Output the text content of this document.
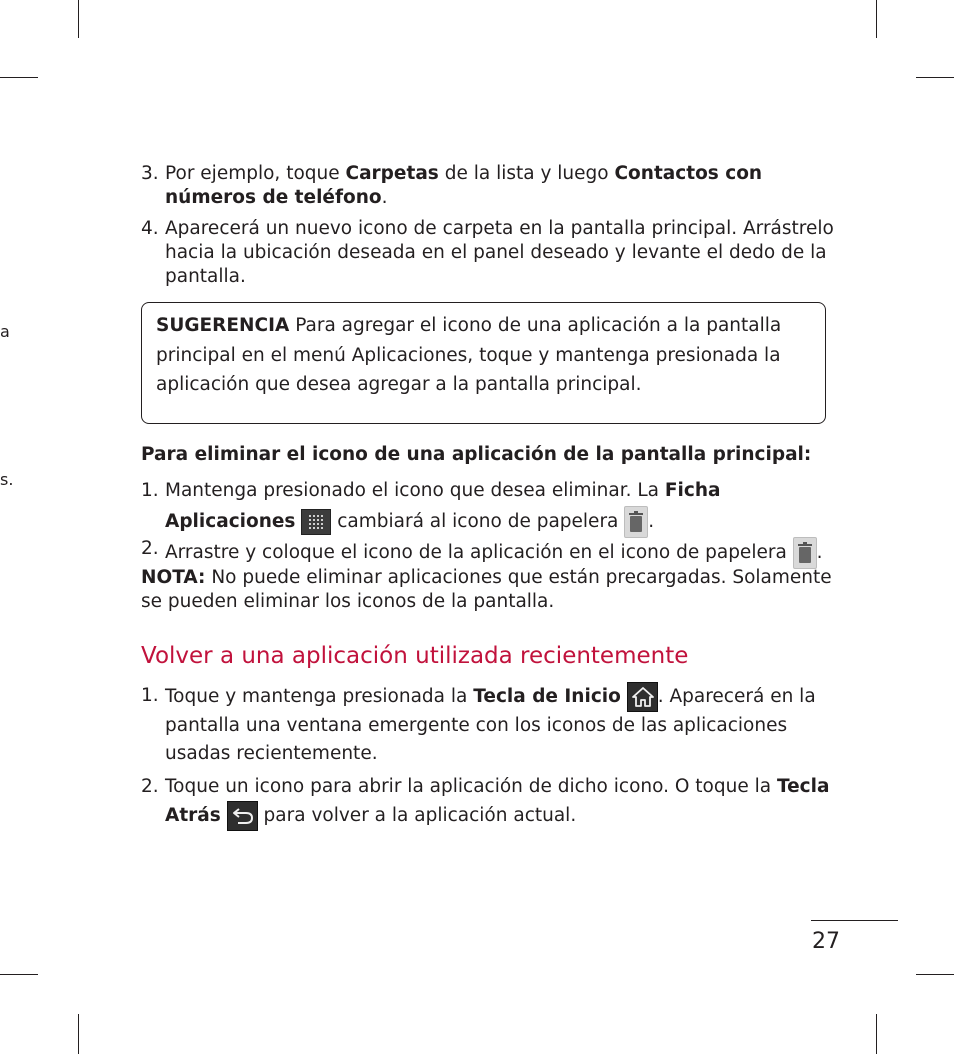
a
s.
3. Por ejemplo, toque Carpetas de la lista y luego Contactos con números de teléfono.
4. Aparecerá un nuevo icono de carpeta en la pantalla principal. Arrástrelo hacia la ubicación deseada en el panel deseado y levante el dedo de la pantalla.
SUGERENCIA Para agregar el icono de una aplicación a la pantalla principal en el menú Aplicaciones, toque y mantenga presionada la aplicación que desea agregar a la pantalla principal.
Para eliminar el icono de una aplicación de la pantalla principal:
1. Mantenga presionado el icono que desea eliminar. La Ficha Aplicaciones
cambiará al icono de papelera
.
2. Arrastre y coloque el icono de la aplicación en el icono de papelera
.
NOTA: No puede eliminar aplicaciones que están precargadas. Solamente se pueden eliminar los iconos de la pantalla.
Volver a una aplicación utilizada recientemente
1. Toque y mantenga presionada la Tecla de Inicio . Aparecerá en la pantalla una ventana emergente con los iconos de las aplicaciones usadas recientemente.
2. Toque un icono para abrir la aplicación de dicho icono. O toque la Tecla Atrás
para volver a la aplicación actual.
27
